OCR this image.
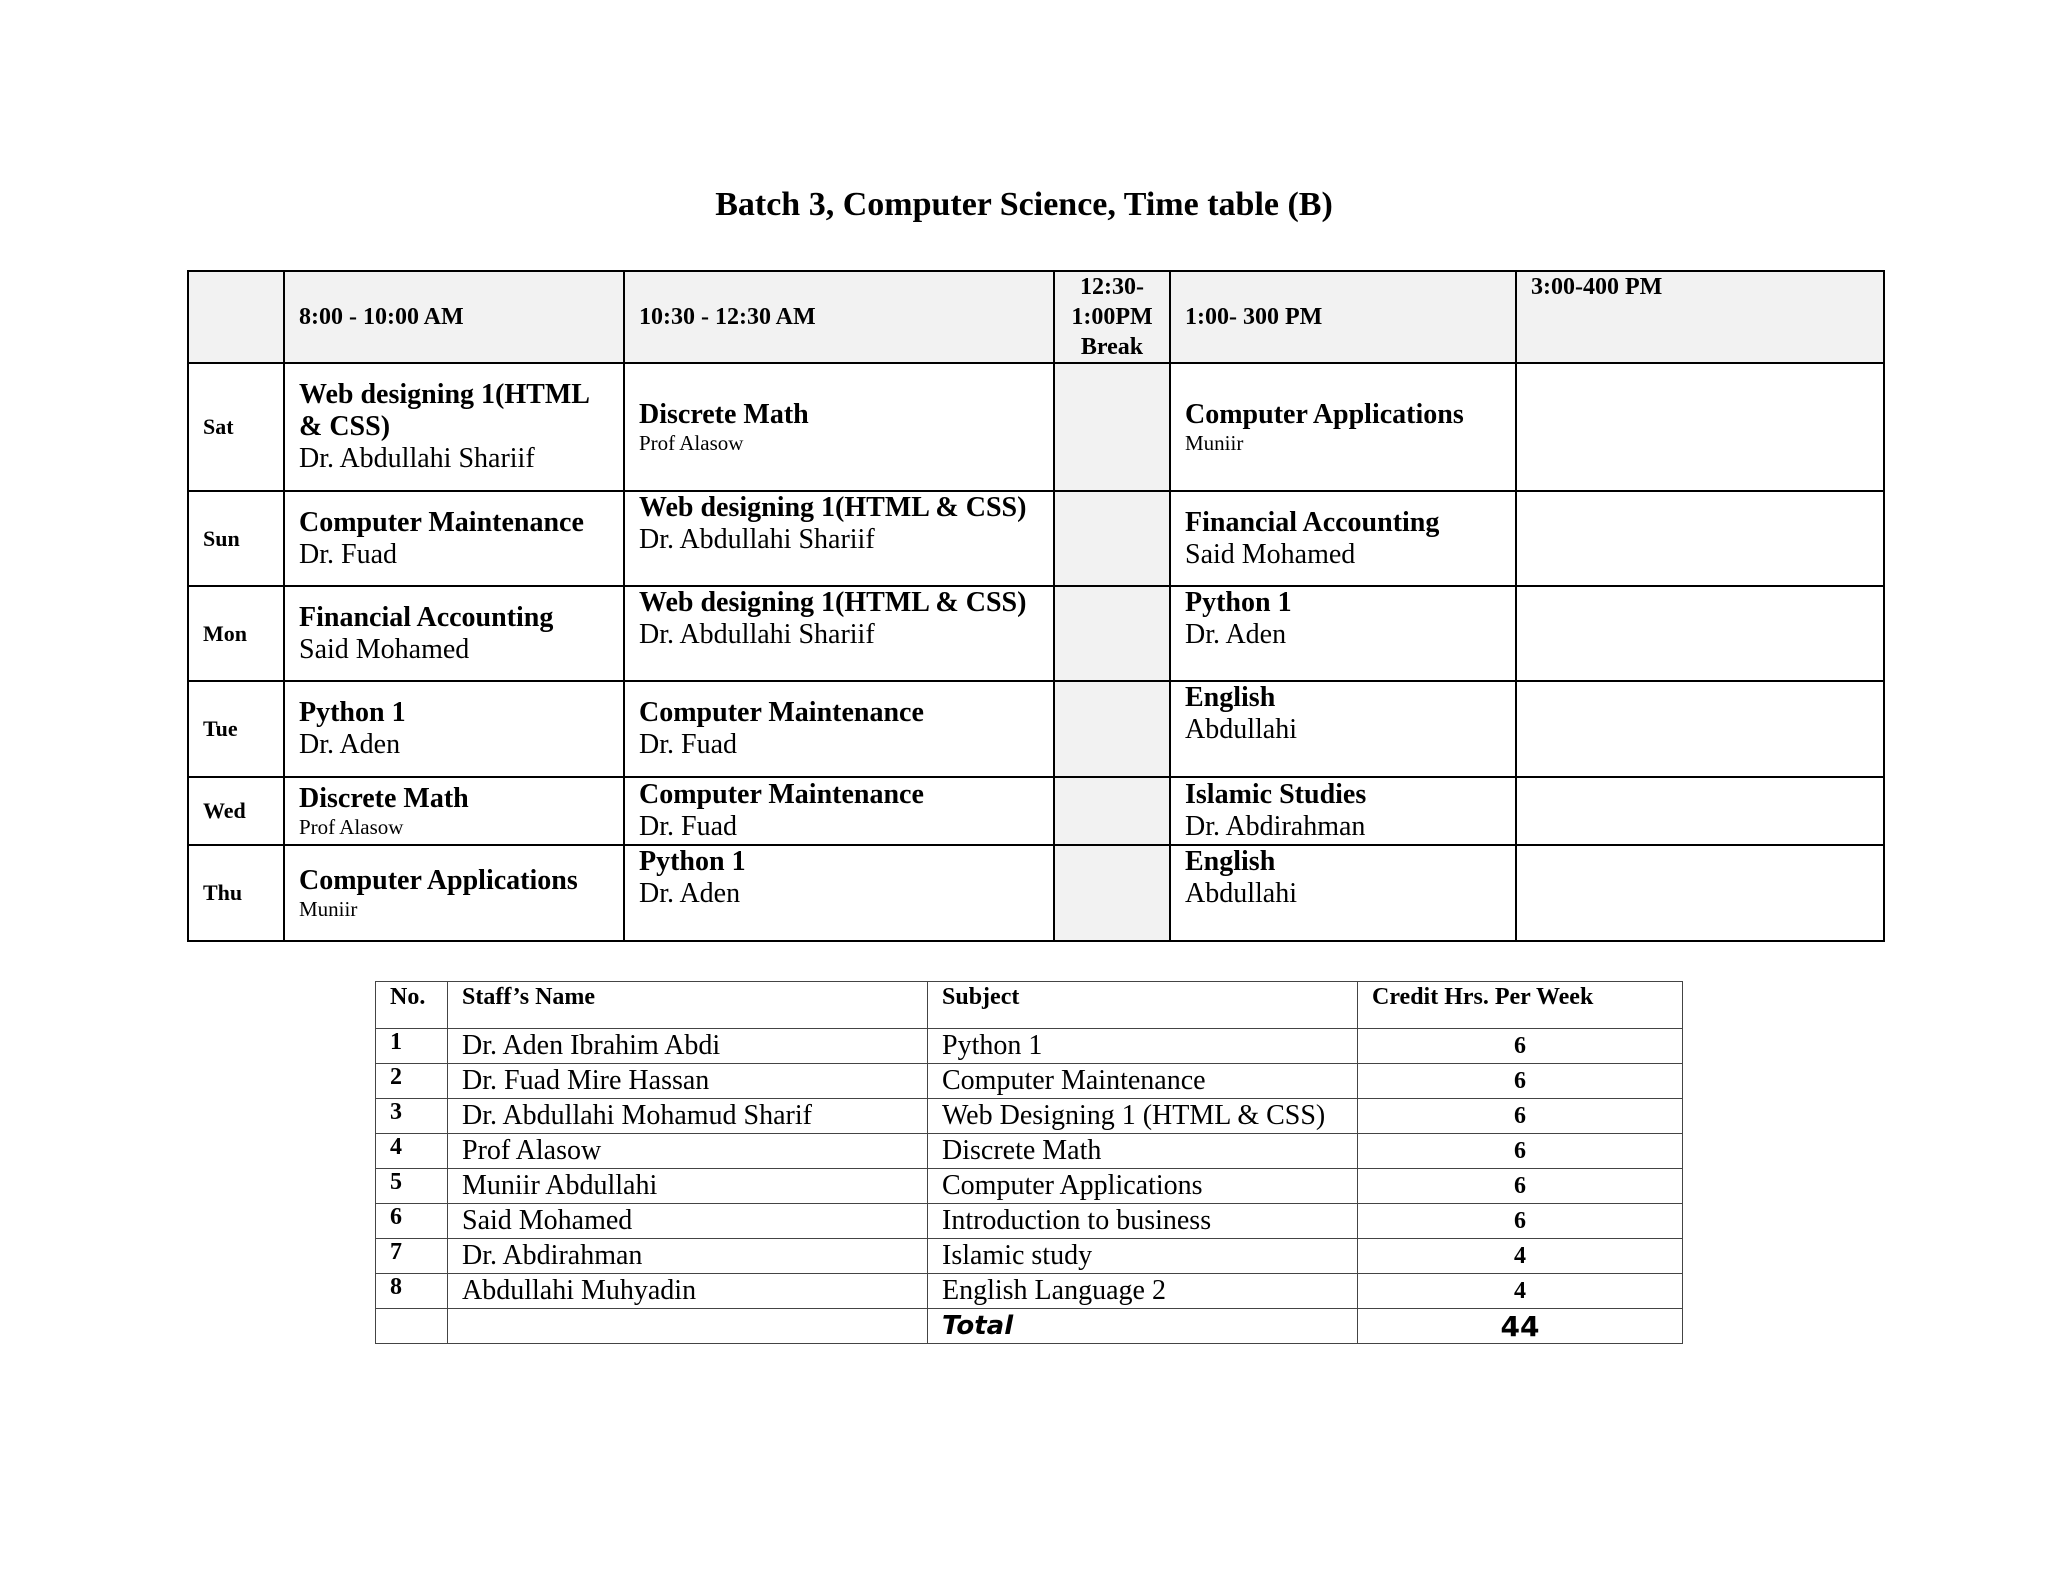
Batch 3, Computer Science, Time table (B)
	8:00 - 10:00 AM	10:30 - 12:30 AM	12:30-
1:00PM
Break	1:00- 300 PM	3:00-400 PM
Sat	Web designing 1(HTML & CSS)
Dr. Abdullahi Shariif	Discrete Math
Prof Alasow		Computer Applications
Muniir	

Sun	Computer Maintenance
Dr. Fuad	Web designing 1(HTML & CSS)
Dr. Abdullahi Shariif		Financial Accounting
Said Mohamed	

Mon	Financial Accounting
Said Mohamed	Web designing 1(HTML & CSS)
Dr. Abdullahi Shariif		Python 1
Dr. Aden	

Tue	Python 1
Dr. Aden	Computer Maintenance
Dr. Fuad		English
Abdullahi	

Wed	Discrete Math
Prof Alasow	Computer Maintenance
Dr. Fuad		Islamic Studies
Dr. Abdirahman	

Thu	Computer Applications
Muniir	Python 1
Dr. Aden		English
Abdullahi	

No.	Staff’s Name	Subject	Credit Hrs. Per Week
1	Dr. Aden Ibrahim Abdi	Python 1	6
2	Dr. Fuad Mire Hassan	Computer Maintenance	6
3	Dr. Abdullahi Mohamud Sharif	Web Designing 1 (HTML & CSS)	6
4	Prof Alasow	Discrete Math	6
5	Muniir Abdullahi	Computer Applications	6
6	Said Mohamed	Introduction to business	6
7	Dr. Abdirahman	Islamic study	4
8	Abdullahi Muhyadin	English Language 2	4
		Total	44
